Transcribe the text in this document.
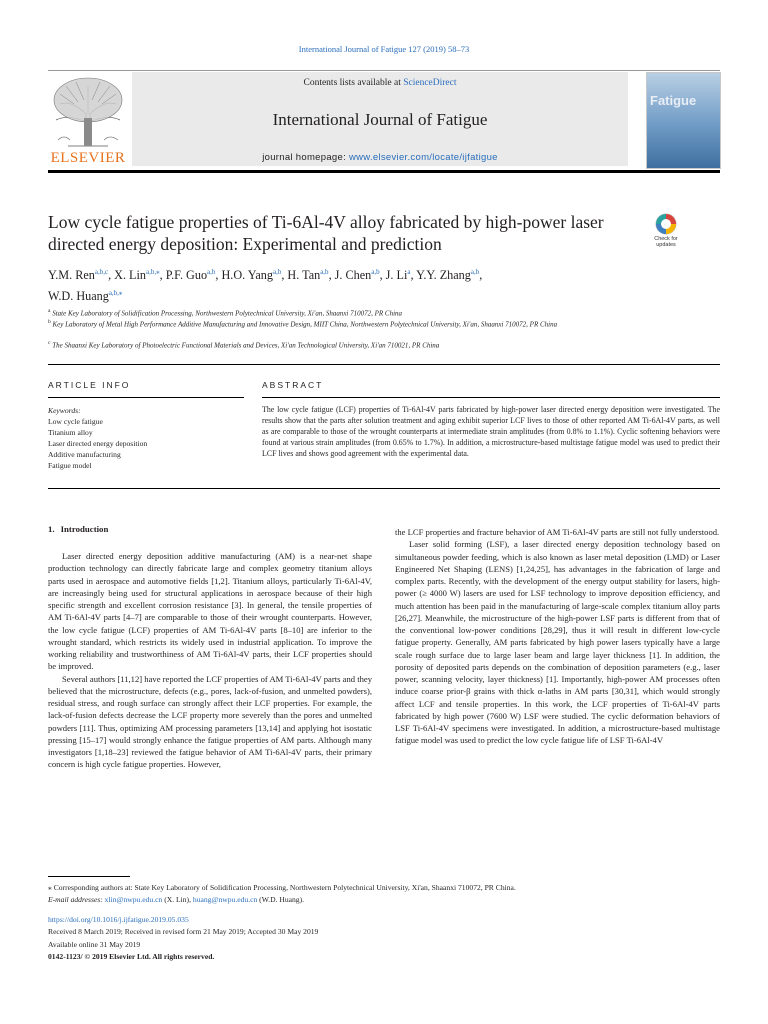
International Journal of Fatigue 127 (2019) 58–73
ELSEVIER
Contents lists available at ScienceDirect
International Journal of Fatigue
journal homepage: www.elsevier.com/locate/ijfatigue
Fatigue
Low cycle fatigue properties of Ti-6Al-4V alloy fabricated by high-power laser directed energy deposition: Experimental and prediction	Check for updates
Y.M. Ren$^{a,b,c}$, X. Lin$^{a,b,⁎}$, P.F. Guo$^{a,b}$, H.O. Yang$^{a,b}$, H. Tan$^{a,b}$, J. Chen$^{a,b}$, J. Li$^a$, Y.Y. Zhang$^{a,b}$,
W.D. Huang$^{a,b,⁎}$
$^a$ State Key Laboratory of Solidification Processing, Northwestern Polytechnical University, Xi'an, Shaanxi 710072, PR China
$^b$ Key Laboratory of Metal High Performance Additive Manufacturing and Innovative Design, MIIT China, Northwestern Polytechnical University, Xi'an, Shaanxi 710072, PR China
$^c$ The Shaanxi Key Laboratory of Photoelectric Functional Materials and Devices, Xi'an Technological University, Xi'an 710021, PR China
ARTICLE INFO	ABSTRACT
Keywords:
Low cycle fatigue
Titanium alloy
Laser directed energy deposition
Additive manufacturing
Fatigue model
The low cycle fatigue (LCF) properties of Ti-6Al-4V parts fabricated by high-power laser directed energy deposition were investigated. The results show that the parts after solution treatment and aging exhibit superior LCF lives to those of other reported AM Ti-6Al-4V parts, as well as are comparable to those of the wrought counterparts at intermediate strain amplitudes (from 0.8% to 1.1%). Cyclic softening behaviors were found at various strain amplitudes (from 0.65% to 1.7%). In addition, a microstructure-based multistage fatigue model was used to predict their LCF lives and shows good agreement with the experimental data.
1. Introduction

Laser directed energy deposition additive manufacturing (AM) is a near-net shape production technology can directly fabricate large and complex geometry titanium alloys parts used in aerospace and automotive fields [1,2]. Titanium alloys, particularly Ti-6Al-4V, are increasingly being used for structural applications in aerospace because of their high specific strength and excellent corrosion resistance [3]. In general, the tensile properties of AM Ti-6Al-4V parts [4–7] are comparable to those of their wrought counterparts. However, the low cycle fatigue (LCF) properties of AM Ti-6Al-4V parts [8–10] are inferior to the wrought standard, which restricts its widely used in industrial application. To improve the working reliability and trustworthiness of AM Ti-6Al-4V parts, their LCF properties should be improved.

Several authors [11,12] have reported the LCF properties of AM Ti-6Al-4V parts and they believed that the microstructure, defects (e.g., pores, lack-of-fusion, and unmelted powders), residual stress, and rough surface can strongly affect their LCF properties. For example, the lack-of-fusion defects decrease the LCF property more severely than the pores and unmelted powders [11]. Thus, optimizing AM processing parameters [13,14] and applying hot isostatic pressing [15–17] would strongly enhance the fatigue properties of AM parts. Although many investigators [1,18–23] reviewed the fatigue behavior of AM Ti-6Al-4V parts, their primary concern is high cycle fatigue properties. However,

the LCF properties and fracture behavior of AM Ti-6Al-4V parts are still not fully understood.

Laser solid forming (LSF), a laser directed energy deposition technology based on simultaneous powder feeding, which is also known as laser metal deposition (LMD) or Laser Engineered Net Shaping (LENS) [1,24,25], has advantages in the fabrication of large and complex parts. Recently, with the development of the energy output stability for lasers, high-power (≥ 4000 W) lasers are used for LSF technology to improve deposition efficiency, and much attention has been paid in the manufacturing of large-scale complex titanium alloy parts [26,27]. Meanwhile, the microstructure of the high-power LSF parts is different from that of the conventional low-power conditions [28,29], thus it will result in different low-cycle fatigue property. Generally, AM parts fabricated by high power lasers typically have a large scale rough surface due to large laser beam and large layer thickness [1]. In addition, the porosity of deposited parts depends on the combination of deposition parameters (e.g., laser power, scanning velocity, layer thickness) [1]. Importantly, high-power AM processes often induce coarse prior-β grains with thick α-laths in AM parts [30,31], which would strongly affect LCF and tensile properties. In this work, the LCF properties of Ti-6Al-4V parts fabricated by high power (7600 W) LSF were studied. The cyclic deformation behaviors of LSF Ti-6Al-4V specimens were investigated. In addition, a microstructure-based multistage fatigue model was used to predict the low cycle fatigue life of LSF Ti-6Al-4V

⁎ Corresponding authors at: State Key Laboratory of Solidification Processing, Northwestern Polytechnical University, Xi'an, Shaanxi 710072, PR China.
E-mail addresses: xlin@nwpu.edu.cn (X. Lin), huang@nwpu.edu.cn (W.D. Huang).
https://doi.org/10.1016/j.ijfatigue.2019.05.035
Received 8 March 2019; Received in revised form 21 May 2019; Accepted 30 May 2019
Available online 31 May 2019
0142-1123/ © 2019 Elsevier Ltd. All rights reserved.
